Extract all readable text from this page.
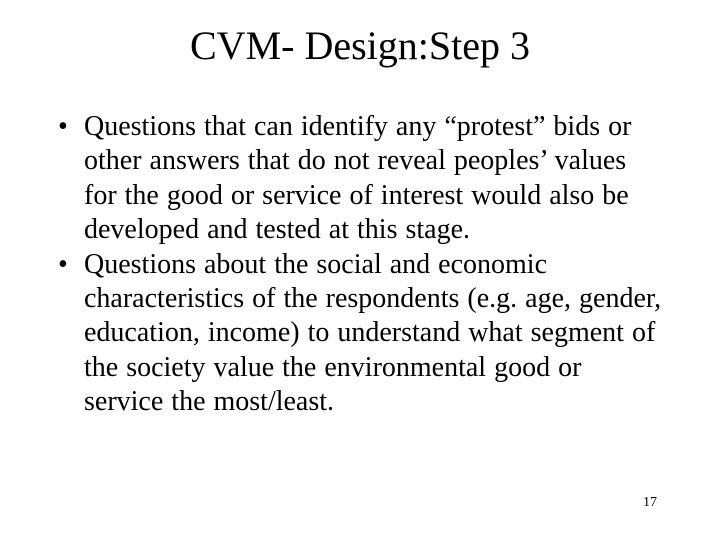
CVM- Design:Step 3
• Questions that can identify any “protest” bids or other answers that do not reveal peoples’ values for the good or service of interest would also be developed and tested at this stage.
• Questions about the social and economic characteristics of the respondents (e.g. age, gender, education, income) to understand what segment of the society value the environmental good or service the most/least.
17
